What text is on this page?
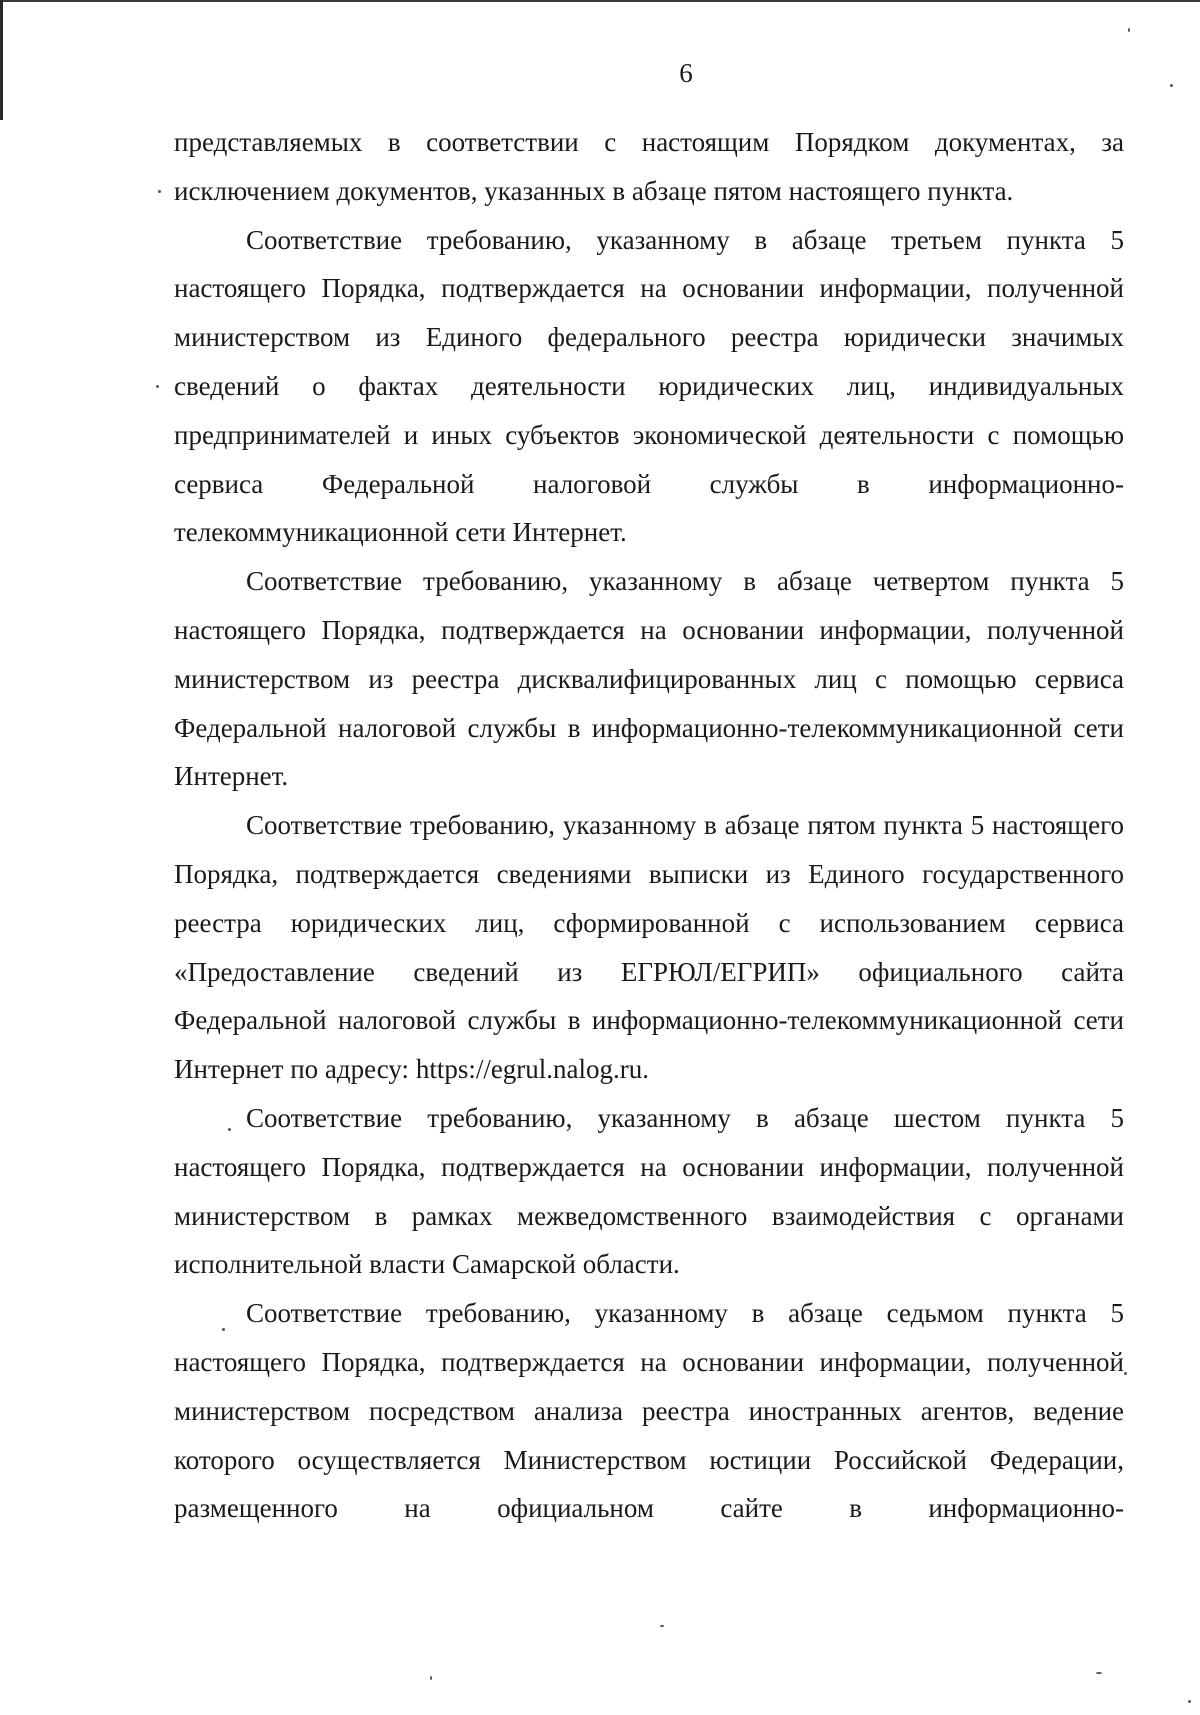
6

представляемых в соответствии с настоящим Порядком документах, за исключением документов, указанных в абзаце пятом настоящего пункта.

Соответствие требованию, указанному в абзаце третьем пункта 5 настоящего Порядка, подтверждается на основании информации, полученной министерством из Единого федерального реестра юридически значимых сведений о фактах деятельности юридических лиц, индивидуальных предпринимателей и иных субъектов экономической деятельности с помощью сервиса Федеральной налоговой службы в информационно-телекоммуникационной сети Интернет.

Соответствие требованию, указанному в абзаце четвертом пункта 5 настоящего Порядка, подтверждается на основании информации, полученной министерством из реестра дисквалифицированных лиц с помощью сервиса Федеральной налоговой службы в информационно-телекоммуникационной сети Интернет.

Соответствие требованию, указанному в абзаце пятом пункта 5 настоящего Порядка, подтверждается сведениями выписки из Единого государственного реестра юридических лиц, сформированной с использованием сервиса «Предоставление сведений из ЕГРЮЛ/ЕГРИП» официального сайта Федеральной налоговой службы в информационно-телекоммуникационной сети Интернет по адресу: https://egrul.nalog.ru.

Соответствие требованию, указанному в абзаце шестом пункта 5 настоящего Порядка, подтверждается на основании информации, полученной министерством в рамках межведомственного взаимодействия с органами исполнительной власти Самарской области.

Соответствие требованию, указанному в абзаце седьмом пункта 5 настоящего Порядка, подтверждается на основании информации, полученной министерством посредством анализа реестра иностранных агентов, ведение которого осуществляется Министерством юстиции Российской Федерации, размещенного на официальном сайте в информационно-
